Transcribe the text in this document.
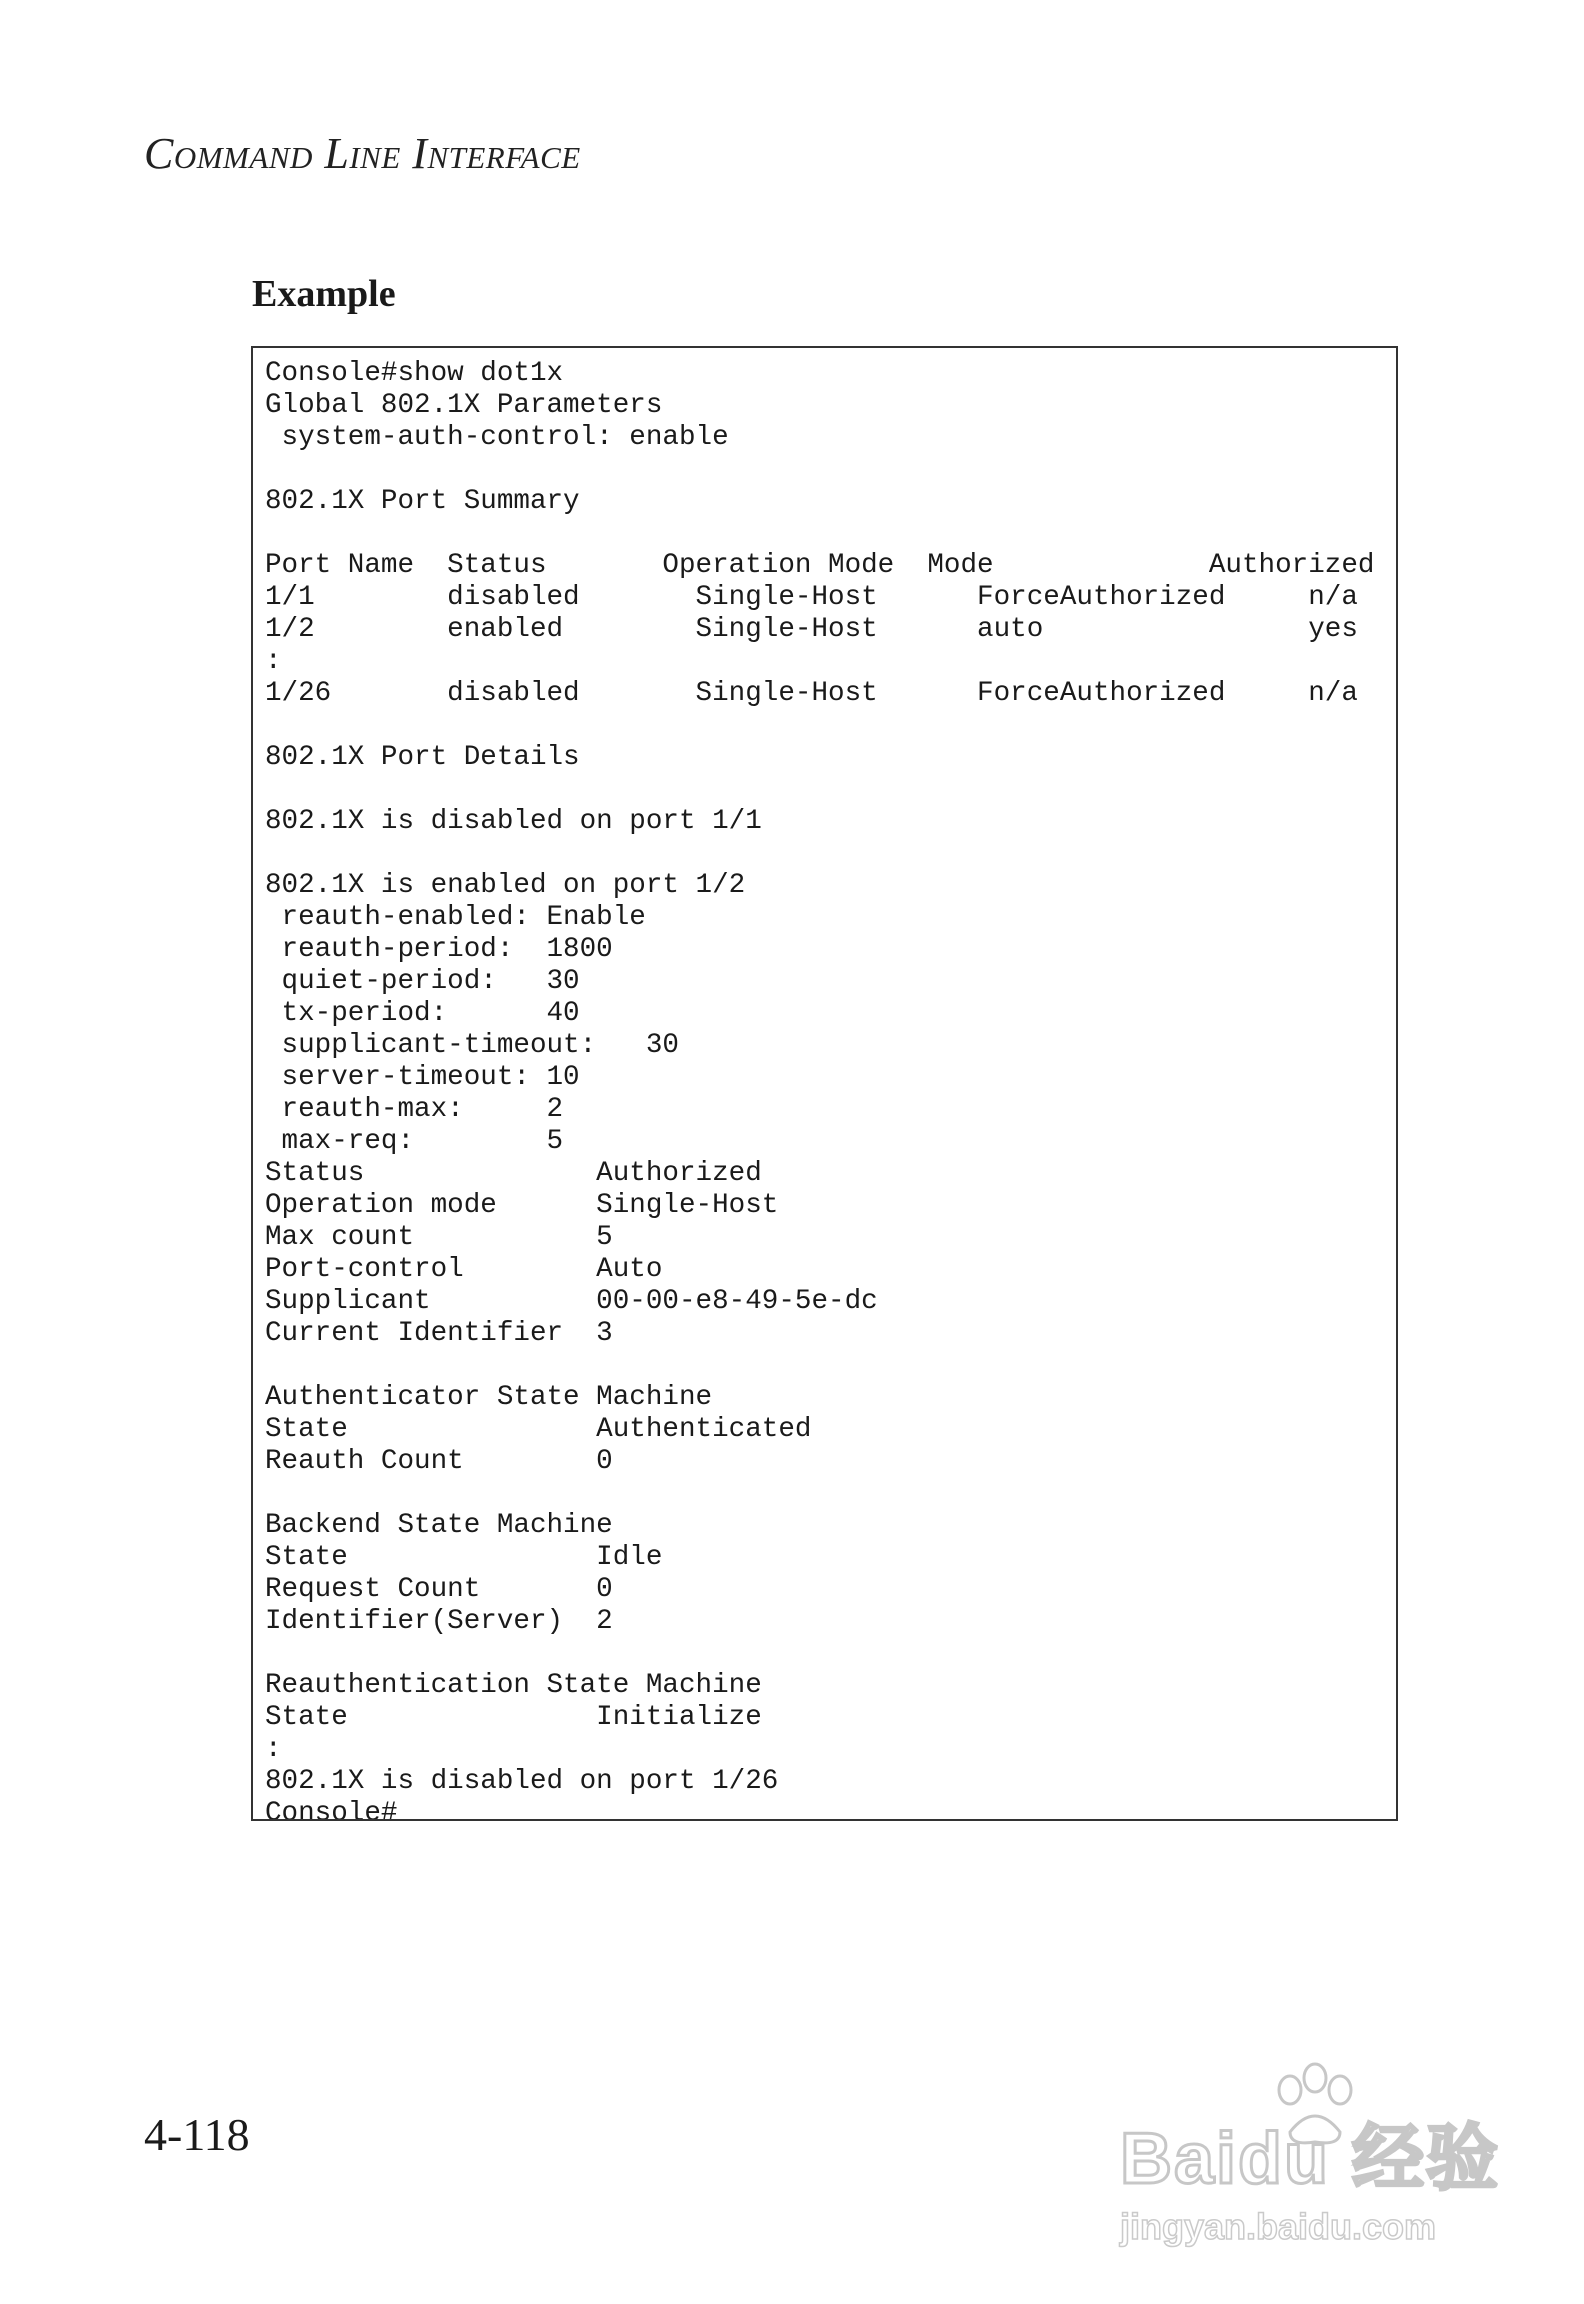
Command Line Interface
Example
Console#show dot1x
Global 802.1X Parameters
system-auth-control: enable

802.1X Port Summary

Port Name  Status       Operation Mode  Mode             Authorized
1/1        disabled       Single-Host      ForceAuthorized     n/a
1/2        enabled        Single-Host      auto                yes
:
1/26       disabled       Single-Host      ForceAuthorized     n/a

802.1X Port Details

802.1X is disabled on port 1/1

802.1X is enabled on port 1/2
reauth-enabled: Enable
reauth-period:  1800
quiet-period:   30
tx-period:      40
supplicant-timeout:   30
server-timeout: 10
reauth-max:     2
max-req:        5
Status              Authorized
Operation mode      Single-Host
Max count           5
Port-control        Auto
Supplicant          00-00-e8-49-5e-dc
Current Identifier  3

Authenticator State Machine
State               Authenticated
Reauth Count        0

Backend State Machine
State               Idle
Request Count       0
Identifier(Server)  2

Reauthentication State Machine
State               Initialize
:
802.1X is disabled on port 1/26
Console#
4-118	Baidu 经验
jingyan.baidu.com
